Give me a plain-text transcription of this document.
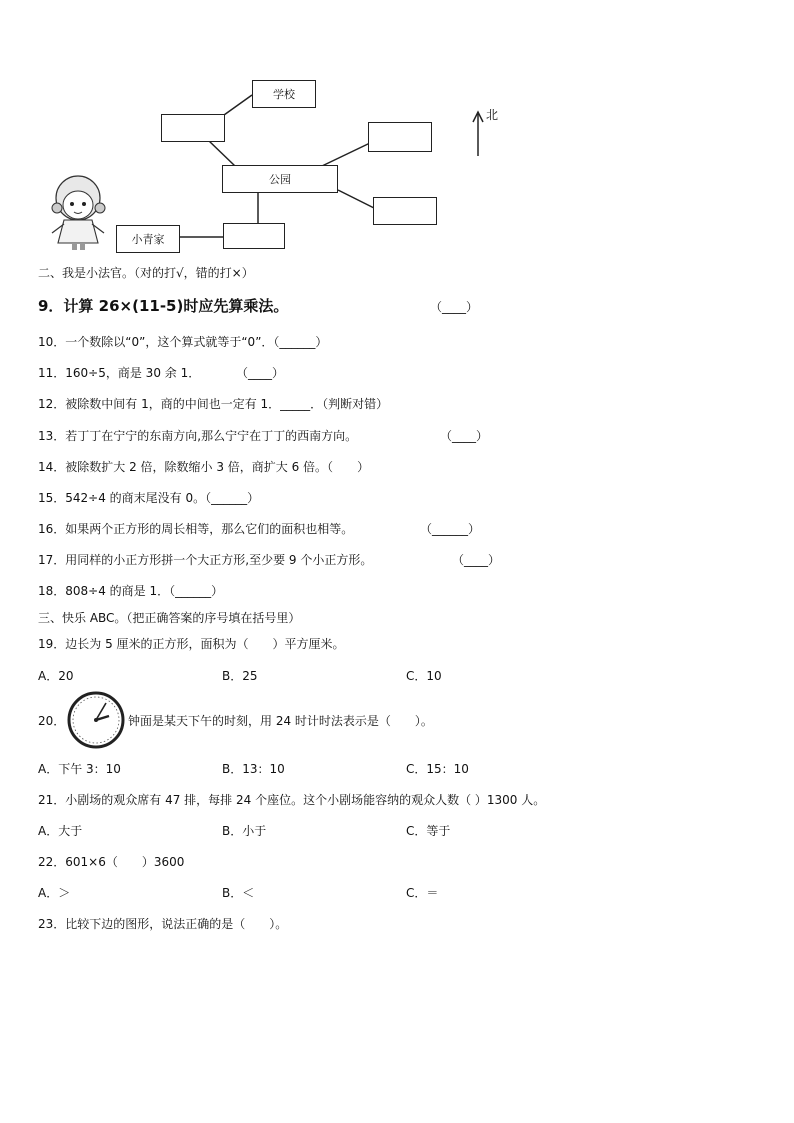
学校
公园
小青家
北
二、我是小法官。（对的打√，错的打×）
9．计算 26×(11-5)时应先算乘法。	（____）
10．一个数除以“0”，这个算式就等于“0”．（______）
11．160÷5，商是 30 余 1．	（____）
12．被除数中间有 1，商的中间也一定有 1．_____．（判断对错）
13．若丁丁在宁宁的东南方向,那么宁宁在丁丁的西南方向。	（____）
14．被除数扩大 2 倍，除数缩小 3 倍，商扩大 6 倍。（　　）
15．542÷4 的商末尾没有 0。（______）
16．如果两个正方形的周长相等，那么它们的面积也相等。	（______）
17．用同样的小正方形拼一个大正方形,至少要 9 个小正方形。	（____）
18．808÷4 的商是 1．（______）
三、快乐 ABC。（把正确答案的序号填在括号里）
19．边长为 5 厘米的正方形，面积为（　　）平方厘米。
A．20	B．25	C．10
20．	钟面是某天下午的时刻，用 24 时计时法表示是（　　）。
A．下午 3：10	B．13：10	C．15：10
21．小剧场的观众席有 47 排，每排 24 个座位。这个小剧场能容纳的观众人数（ ）1300 人。
A．大于	B．小于	C．等于
22．601×6（　　）3600
A．＞	B．＜	C．＝
23．比较下边的图形，说法正确的是（　　）。
